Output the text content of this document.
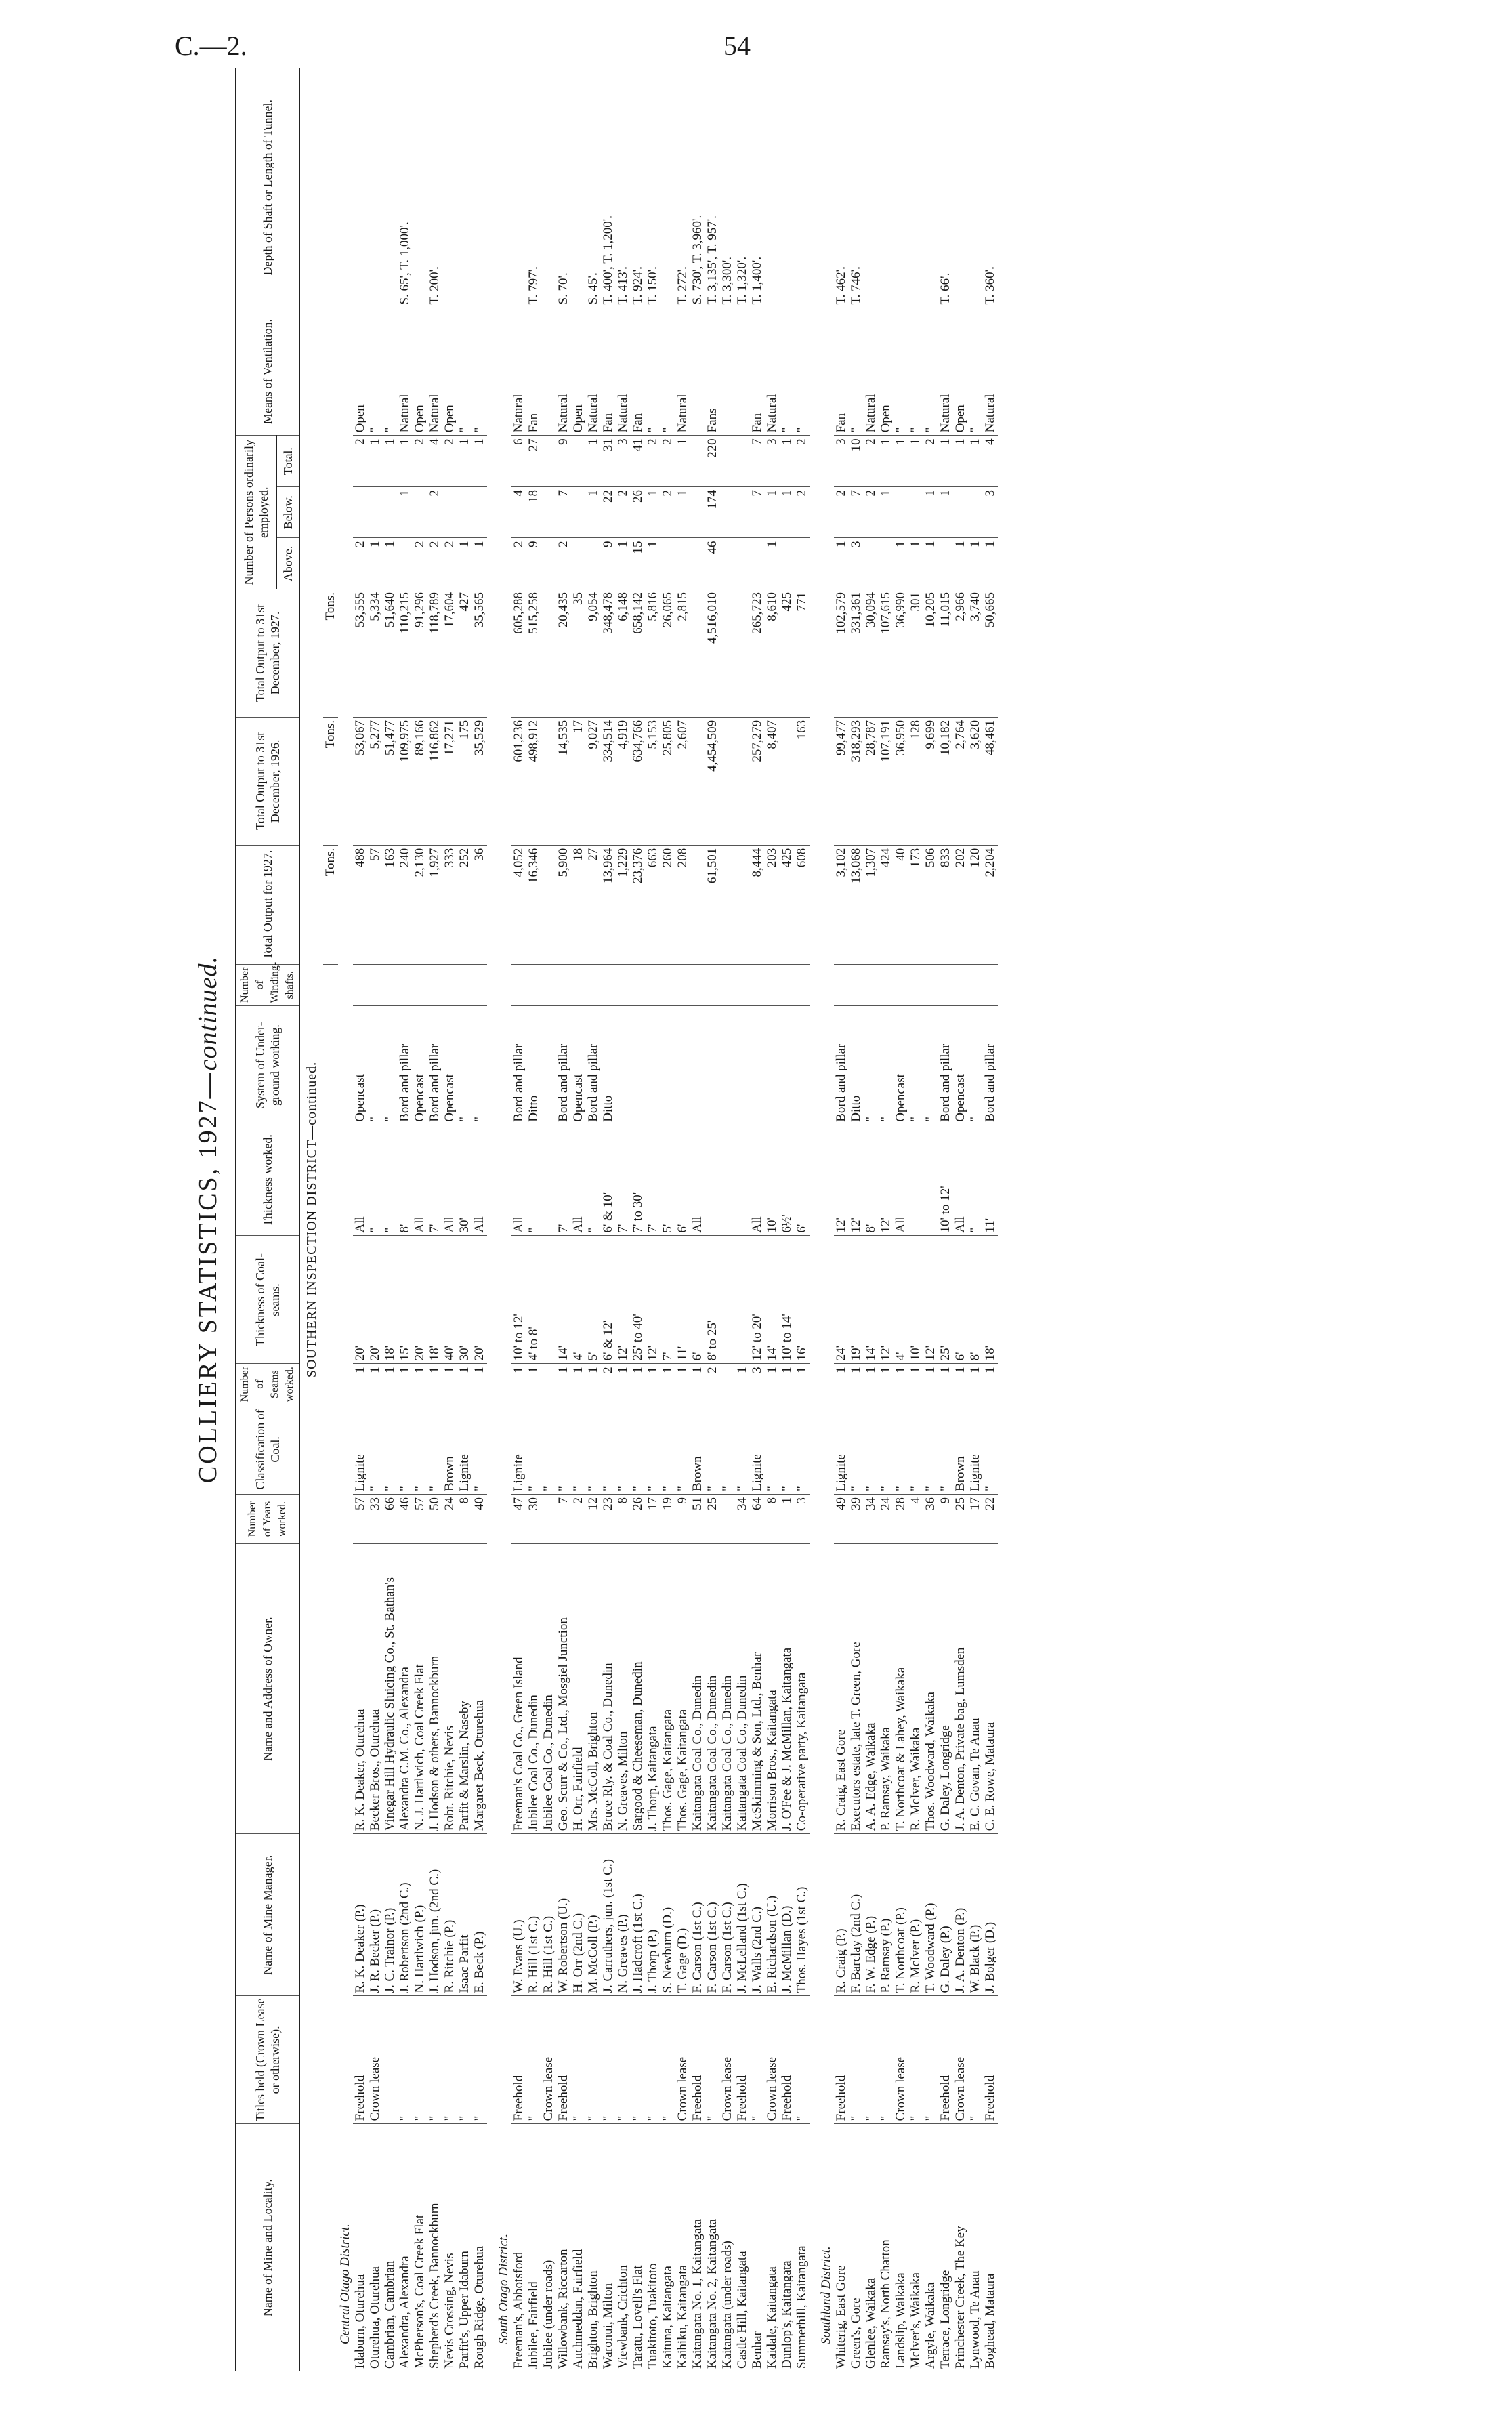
C.—2.	54
COLLIERY STATISTICS, 1927—continued.
Name of Mine and Locality.	Titles held (Crown Lease or otherwise).	Name of Mine Manager.	Name and Address of Owner.	Number of Years worked.	Classification of Coal.	Number of Seams worked.	Thickness of Coal-seams.	Thickness worked.	System of Under-ground working.	Number of Winding-shafts.	Total Output for 1927.	Total Output to 31st December, 1926.	Total Output to 31st December, 1927.	Number of Persons ordinarily employed.			Means of Ventilation.	Depth of Shaft or Length of Tunnel.
														Above.	Below.	Total.		
SOUTHERN INSPECTION DISTRICT—continued.																		
											Tons.	Tons.	Tons.					
Central Otago District.																		
Idaburn, Oturehua	Freehold	R. K. Deaker (P.)	R. K. Deaker, Oturehua	57	Lignite	1	20'	All	Opencast		488	53,067	53,555	2		2	Open	
Oturehua, Oturehua	Crown lease	J. R. Becker (P.)	Becker Bros., Oturehua	33	"	1	20'	"	"		57	5,277	5,334	1		1	"	
Cambrian, Cambrian		J. C. Trainor (P.)	Vinegar Hill Hydraulic Sluicing Co., St. Bathan's	66	"	1	18'	"	"		163	51,477	51,640	1		1	"	
Alexandra, Alexandra	"	J. Robertson (2nd C.)	Alexandra C.M. Co., Alexandra	46	"	1	15'	8'	Bord and pillar		240	109,975	110,215		1	1	Natural	S. 65', T. 1,000'.
McPherson's, Coal Creek Flat	"	N. Hartlwich (P.)	N. J. Hartlwich, Coal Creek Flat	57	"	1	20'	All	Opencast		2,130	89,166	91,296	2		2	Open	
Shepherd's Creek, Bannockburn	"	J. Hodson, jun. (2nd C.)	J. Hodson & others, Bannockburn	50	"	1	18'	7'	Bord and pillar		1,927	116,862	118,789	2	2	4	Natural	T. 200'.
Nevis Crossing, Nevis	"	R. Ritchie (P.)	Robt. Ritchie, Nevis	24	Brown	1	40'	All	Opencast		333	17,271	17,604	2		2	Open	
Parfit's, Upper Idaburn	"	Isaac Parfit	Parfit & Marslin, Naseby	8	Lignite	1	30'	30'	"		252	175	427	1		1	"	
Rough Ridge, Oturehua	"	E. Beck (P.)	Margaret Beck, Oturehua	40	"	1	20'	All	"		36	35,529	35,565	1		1	"	

South Otago District.																		
Freeman's, Abbotsford	Freehold	W. Evans (U.)	Freeman's Coal Co., Green Island	47	Lignite	1	10' to 12'	All	Bord and pillar		4,052	601,236	605,288	2	4	6	Natural	
Jubilee, Fairfield	"	R. Hill (1st C.)	Jubilee Coal Co., Dunedin	30	"	1	4' to 8'	"	Ditto		16,346	498,912	515,258	9	18	27	Fan	T. 797'.
Jubilee (under roads)	Crown lease	R. Hill (1st C.)	Jubilee Coal Co., Dunedin		"													
Willowbank, Riccarton	Freehold	W. Robertson (U.)	Geo. Scurr & Co., Ltd., Mosgiel Junction	7	"	1	14'	7'	Bord and pillar		5,900	14,535	20,435	2	7	9	Natural	S. 70'.
Auchmeddan, Fairfield	"	H. Orr (2nd C.)	H. Orr, Fairfield	2	"	1	4'	All	Opencast		18	17	35				Open	
Brighton, Brighton	"	M. McColl (P.)	Mrs. McColl, Brighton	12	"	1	5'	"	Bord and pillar		27	9,027	9,054		1	1	Natural	S. 45'.
Waronui, Milton	"	J. Carruthers, jun. (1st C.)	Bruce Rly. & Coal Co., Dunedin	23	"	2	6' & 12'	6' & 10'	Ditto		13,964	334,514	348,478	9	22	31	Fan	T. 400', T. 1,200'.
Viewbank, Crichton	"	N. Greaves (P.)	N. Greaves, Milton	8	"	1	12'	7'			1,229	4,919	6,148	1	2	3	Natural	T. 413'.
Taratu, Lovell's Flat	"	J. Hadcroft (1st C.)	Sargood & Cheeseman, Dunedin	26	"	1	25' to 40'	7' to 30'			23,376	634,766	658,142	15	26	41	Fan	T. 924'.
Tuakitoto, Tuakitoto	"	J. Thorp (P.)	J. Thorp, Kaitangata	17	"	1	12'	7'			663	5,153	5,816	1	1	2	"	T. 150'.
Kaituna, Kaitangata	"	S. Newburn (D.)	Thos. Gage, Kaitangata	19	"	1	7'	5'			260	25,805	26,065		2	2	"	
Kaihiku, Kaitangata	Crown lease	T. Gage (D.)	Thos. Gage, Kaitangata	9	"	1	11'	6'			208	2,607	2,815		1	1	Natural	T. 272'.
Kaitangata No. 1, Kaitangata	Freehold	F. Carson (1st C.)	Kaitangata Coal Co., Dunedin	51	Brown	1	6'	All										S. 730', T. 3,960'.
Kaitangata No. 2, Kaitangata	"	F. Carson (1st C.)	Kaitangata Coal Co., Dunedin	25	"	2	8' to 25'				61,501	4,454,509	4,516,010	46	174	220	Fans	T. 3,135', T. 957'.
Kaitangata (under roads)	Crown lease	F. Carson (1st C.)	Kaitangata Coal Co., Dunedin		"													T. 3,300'.
Castle Hill, Kaitangata	Freehold	J. McLelland (1st C.)	Kaitangata Coal Co., Dunedin	34	"	1												T. 1,320'.
Benhar	"	J. Walls (2nd C.)	McSkimming & Son, Ltd., Benhar	64	Lignite	3	12' to 20'	All			8,444	257,279	265,723		7	7	Fan	T. 1,400'.
Kaidale, Kaitangata	Crown lease	E. Richardson (U.)	Morrison Bros., Kaitangata	8	"	1	14'	10'			203	8,407	8,610	1	1	3	Natural	
Dunlop's, Kaitangata	Freehold	J. McMillan (D.)	J. O'Fee & J. McMillan, Kaitangata	1	"	1	10' to 14'	6½'			425		425		1	1	"	
Summerhill, Kaitangata	"	Thos. Hayes (1st C.)	Co-operative party, Kaitangata	3	"	1	16'	6'			608	163	771		2	2	"	

Southland District.																		
Whiterig, East Gore	Freehold	R. Craig (P.)	R. Craig, East Gore	49	Lignite	1	24'	12'	Bord and pillar		3,102	99,477	102,579	1	2	3	Fan	T. 462'.
Green's, Gore	"	F. Barclay (2nd C.)	Executors estate, late T. Green, Gore	39	"	1	19'	12'	Ditto		13,068	318,293	331,361	3	7	10	"	T. 746'.
Glenlee, Waikaka	"	F. W. Edge (P.)	A. A. Edge, Waikaka	34	"	1	14'	8'	"		1,307	28,787	30,094		2	2	Natural	
Ramsay's, North Chatton	"	P. Ramsay (P.)	P. Ramsay, Waikaka	24	"	1	12'	12'	"		424	107,191	107,615		1	1	Open	
Landslip, Waikaka	Crown lease	T. Northcoat (P.)	T. Northcoat & Lahey, Waikaka	28	"	1	4'	All	Opencast		40	36,950	36,990	1		1	"	
McIver's, Waikaka	"	R. McIver (P.)	R. McIver, Waikaka	4	"	1	10'		"		173	128	301	1		1	"	
Argyle, Waikaka	"	T. Woodward (P.)	Thos. Woodward, Waikaka	36	"	1	12'		"		506	9,699	10,205	1	1	2	"	
Terrace, Longridge	Freehold	G. Daley (P.)	G. Daley, Longridge	9	"	1	25'	10' to 12'	Bord and pillar		833	10,182	11,015		1	1	Natural	T. 66'.
Princhester Creek, The Key	Crown lease	J. A. Denton (P.)	J. A. Denton, Private bag, Lumsden	25	Brown	1	6'	All	Opencast		202	2,764	2,966	1		1	Open	
Lynwood, Te Anau	"	W. Black (P.)	E. C. Govan, Te Anau	17	Lignite	1	8'	"	"		120	3,620	3,740	1		1	"	
Boghead, Mataura	Freehold	J. Bolger (D.)	C. E. Rowe, Mataura	22	"	1	18'	11'	Bord and pillar		2,204	48,461	50,665	1	3	4	Natural	T. 360'.
